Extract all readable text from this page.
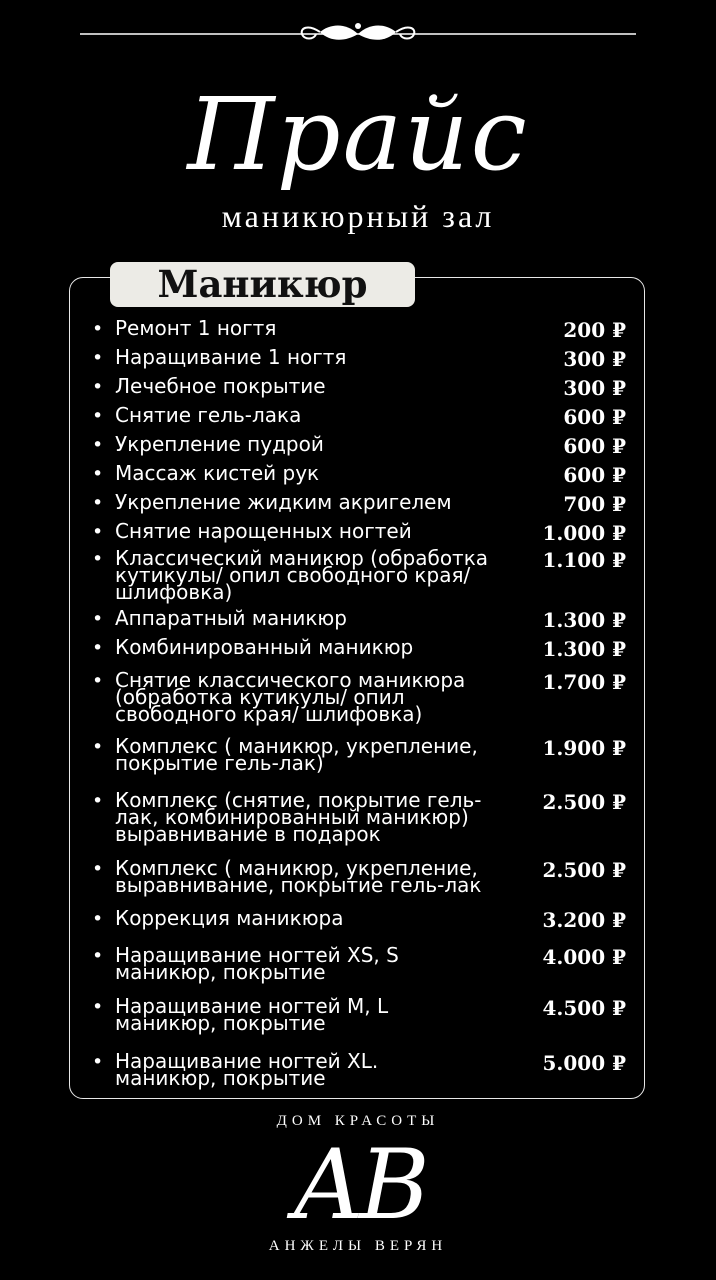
Прайс
маникюрный зал
Маникюр
• Ремонт 1 ногтя	200 ₽
• Наращивание 1 ногтя	300 ₽
• Лечебное покрытие	300 ₽
• Снятие гель-лака	600 ₽
• Укрепление пудрой	600 ₽
• Массаж кистей рук	600 ₽
• Укрепление жидким акригелем	700 ₽
• Снятие нарощенных ногтей	1.000 ₽
• Классический маникюр (обработка
кутикулы/ опил свободного края/
шлифовка)
1.100 ₽
• Аппаратный маникюр	1.300 ₽
• Комбинированный маникюр	1.300 ₽
• Снятие классического маникюра
(обработка кутикулы/ опил
свободного края/ шлифовка)
1.700 ₽
• Комплекс ( маникюр, укрепление,
покрытие гель-лак)
1.900 ₽
• Комплекс (снятие, покрытие гель-
лак, комбинированный маникюр)
выравнивание в подарок
2.500 ₽
• Комплекс ( маникюр, укрепление,
выравнивание, покрытие гель-лак
2.500 ₽
• Коррекция маникюра	3.200 ₽
• Наращивание ногтей XS, S
маникюр, покрытие
4.000 ₽
• Наращивание ногтей M, L
маникюр, покрытие
4.500 ₽
• Наращивание ногтей XL.
маникюр, покрытие
5.000 ₽
ДОМ КРАСОТЫ
АВ
АНЖЕЛЫ ВЕРЯН
